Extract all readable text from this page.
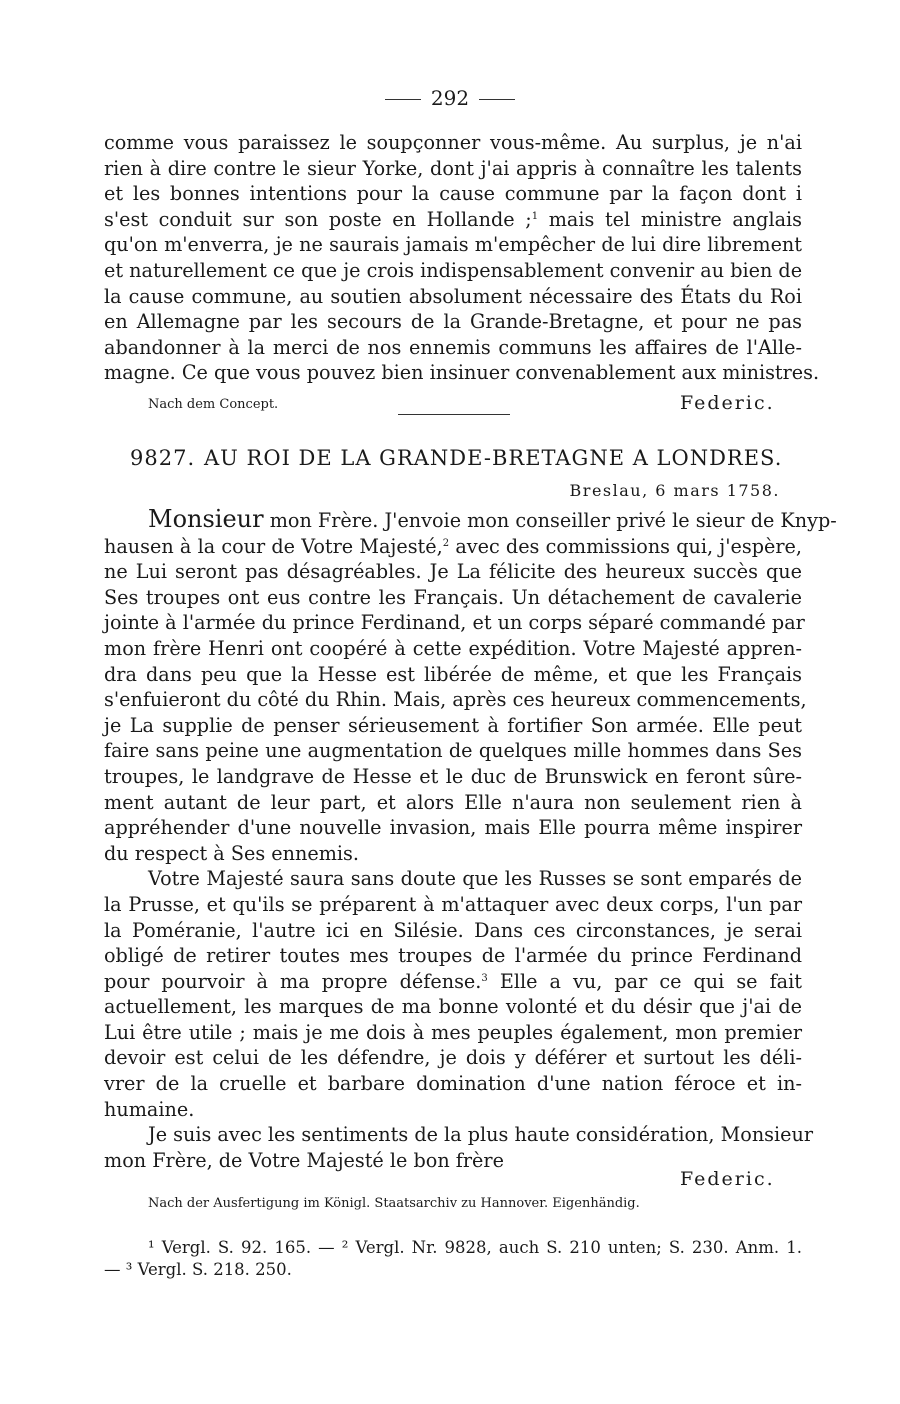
292
comme vous paraissez le soupçonner vous-même. Au surplus, je n'ai
rien à dire contre le sieur Yorke, dont j'ai appris à connaître les talents
et les bonnes intentions pour la cause commune par la façon dont i
s'est conduit sur son poste en Hollande ;$^1$ mais tel ministre anglais
qu'on m'enverra, je ne saurais jamais m'empêcher de lui dire librement
et naturellement ce que je crois indispensablement convenir au bien de
la cause commune, au soutien absolument nécessaire des États du Roi
en Allemagne par les secours de la Grande-Bretagne, et pour ne pas
abandonner à la merci de nos ennemis communs les affaires de l'Alle-
magne. Ce que vous pouvez bien insinuer convenablement aux ministres.
Nach dem Concept.	Federic.
9827. AU ROI DE LA GRANDE-BRETAGNE A LONDRES.
Breslau, 6 mars 1758.
Monsieur mon Frère. J'envoie mon conseiller privé le sieur de Knyp-
hausen à la cour de Votre Majesté,$^2$ avec des commissions qui, j'espère,
ne Lui seront pas désagréables. Je La félicite des heureux succès que
Ses troupes ont eus contre les Français. Un détachement de cavalerie
jointe à l'armée du prince Ferdinand, et un corps séparé commandé par
mon frère Henri ont coopéré à cette expédition. Votre Majesté appren-
dra dans peu que la Hesse est libérée de même, et que les Français
s'enfuieront du côté du Rhin. Mais, après ces heureux commencements,
je La supplie de penser sérieusement à fortifier Son armée. Elle peut
faire sans peine une augmentation de quelques mille hommes dans Ses
troupes, le landgrave de Hesse et le duc de Brunswick en feront sûre-
ment autant de leur part, et alors Elle n'aura non seulement rien à
appréhender d'une nouvelle invasion, mais Elle pourra même inspirer
du respect à Ses ennemis.
Votre Majesté saura sans doute que les Russes se sont emparés de
la Prusse, et qu'ils se préparent à m'attaquer avec deux corps, l'un par
la Poméranie, l'autre ici en Silésie. Dans ces circonstances, je serai
obligé de retirer toutes mes troupes de l'armée du prince Ferdinand
pour pourvoir à ma propre défense.$^3$ Elle a vu, par ce qui se fait
actuellement, les marques de ma bonne volonté et du désir que j'ai de
Lui être utile ; mais je me dois à mes peuples également, mon premier
devoir est celui de les défendre, je dois y déférer et surtout les déli-
vrer de la cruelle et barbare domination d'une nation féroce et in-
humaine.
Je suis avec les sentiments de la plus haute considération, Monsieur
mon Frère, de Votre Majesté le bon frère
Federic.
Nach der Ausfertigung im Königl. Staatsarchiv zu Hannover. Eigenhändig.
¹ Vergl. S. 92. 165. — ² Vergl. Nr. 9828, auch S. 210 unten; S. 230. Anm. 1.
— ³ Vergl. S. 218. 250.
